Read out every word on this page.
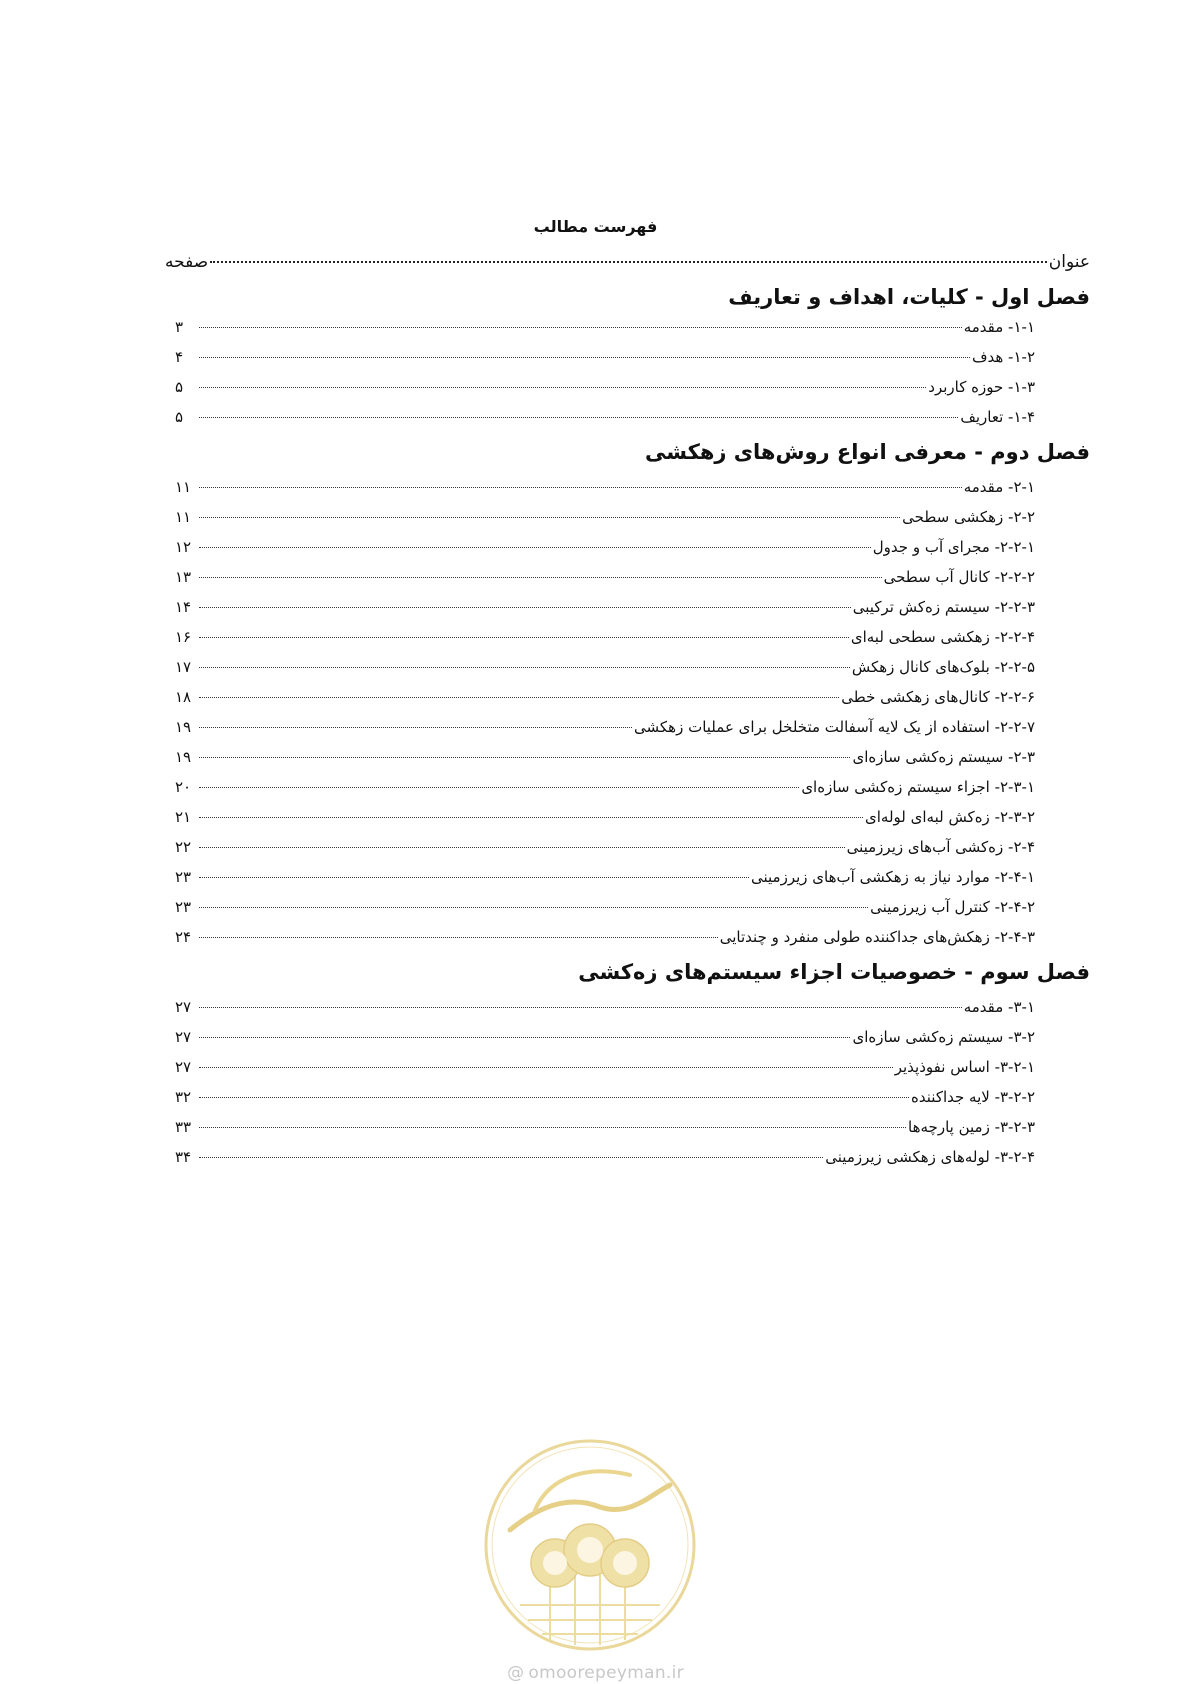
فهرست مطالب
عنوان
صفحه
فصل اول - کلیات، اهداف و تعاریف
۱-۱- مقدمه
۳
۱-۲- هدف
۴
۱-۳- حوزه کاربرد
۵
۱-۴- تعاریف
۵
فصل دوم - معرفی انواع روش‌های زهکشی
۲-۱- مقدمه
۱۱
۲-۲- زهکشی سطحی
۱۱
۲-۲-۱- مجرای آب و جدول
۱۲
۲-۲-۲- کانال آب سطحی
۱۳
۲-۲-۳- سیستم زه‌کش ترکیبی
۱۴
۲-۲-۴- زهکشی سطحی لبه‌ای
۱۶
۲-۲-۵- بلوک‌های کانال زهکش
۱۷
۲-۲-۶- کانال‌های زهکشی خطی
۱۸
۲-۲-۷- استفاده از یک لایه آسفالت متخلخل برای عملیات زهکشی
۱۹
۲-۳- سیستم زه‌کشی سازه‌ای
۱۹
۲-۳-۱- اجزاء سیستم زه‌کشی سازه‌ای
۲۰
۲-۳-۲- زه‌کش لبه‌ای لوله‌ای
۲۱
۲-۴- زه‌کشی آب‌های زیرزمینی
۲۲
۲-۴-۱- موارد نیاز به زهکشی آب‌های زیرزمینی
۲۳
۲-۴-۲- کنترل آب زیرزمینی
۲۳
۲-۴-۳- زهکش‌های جداکننده طولی منفرد و چندتایی
۲۴
فصل سوم - خصوصیات اجزاء سیستم‌های زه‌کشی
۳-۱- مقدمه
۲۷
۳-۲- سیستم زه‌کشی سازه‌ای
۲۷
۳-۲-۱- اساس نفوذپذیر
۲۷
۳-۲-۲- لایه جداکننده
۳۲
۳-۲-۳- زمین پارچه‌ها
۳۳
۳-۲-۴- لوله‌های زهکشی زیرزمینی
۳۴
@ omoorepeyman.ir
